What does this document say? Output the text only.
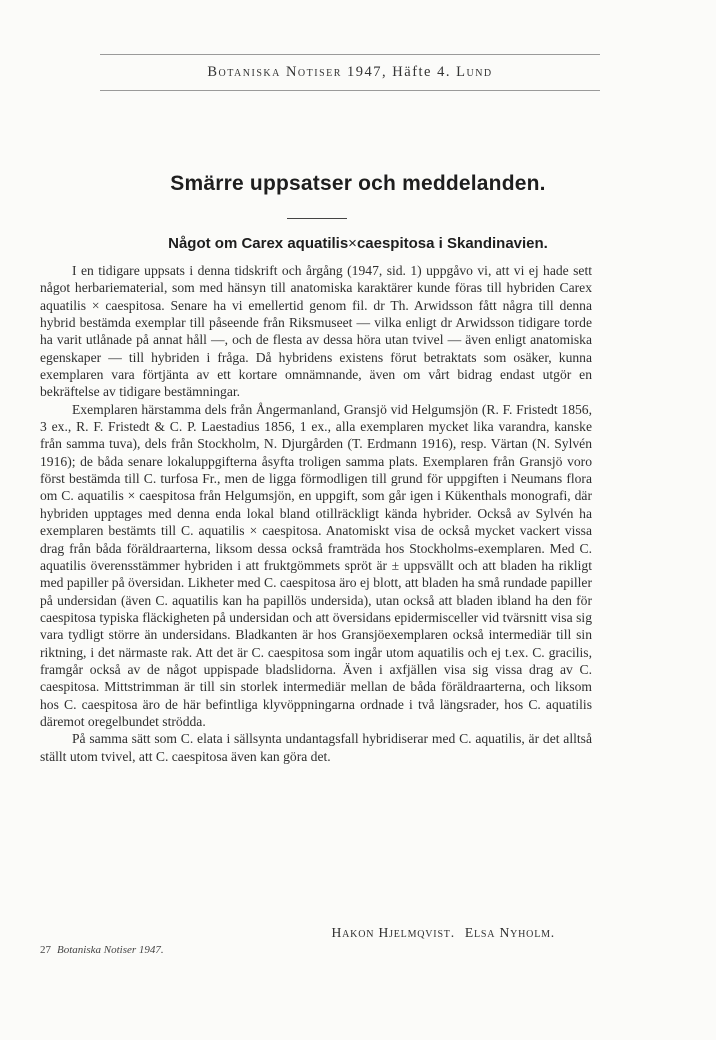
Botaniska Notiser 1947, Häfte 4. Lund
Smärre uppsatser och meddelanden.
Något om Carex aquatilis×caespitosa i Skandinavien.

I en tidigare uppsats i denna tidskrift och årgång (1947, sid. 1) uppgåvo vi, att vi ej hade sett något herbariematerial, som med hänsyn till anatomiska karaktärer kunde föras till hybriden Carex aquatilis × caespitosa. Senare ha vi emellertid genom fil. dr Th. Arwidsson fått några till denna hybrid bestämda exemplar till påseende från Riksmuseet — vilka enligt dr Arwidsson tidigare torde ha varit utlånade på annat håll —, och de flesta av dessa höra utan tvivel — även enligt anatomiska egenskaper — till hybriden i fråga. Då hybridens existens förut betraktats som osäker, kunna exemplaren vara förtjänta av ett kortare omnämnande, även om vårt bidrag endast utgör en bekräftelse av tidigare bestämningar.

Exemplaren härstamma dels från Ångermanland, Gransjö vid Helgumsjön (R. F. Fristedt 1856, 3 ex., R. F. Fristedt & C. P. Laestadius 1856, 1 ex., alla exemplaren mycket lika varandra, kanske från samma tuva), dels från Stockholm, N. Djurgården (T. Erdmann 1916), resp. Värtan (N. Sylvén 1916); de båda senare lokaluppgifterna åsyfta troligen samma plats. Exemplaren från Gransjö voro först bestämda till C. turfosa Fr., men de ligga förmodligen till grund för uppgiften i Neumans flora om C. aquatilis × caespitosa från Helgumsjön, en uppgift, som går igen i Kükenthals monografi, där hybriden upptages med denna enda lokal bland otillräckligt kända hybrider. Också av Sylvén ha exemplaren bestämts till C. aquatilis × caespitosa. Anatomiskt visa de också mycket vackert vissa drag från båda föräldraarterna, liksom dessa också framträda hos Stockholms-exemplaren. Med C. aquatilis överensstämmer hybriden i att fruktgömmets spröt är ± uppsvällt och att bladen ha rikligt med papiller på översidan. Likheter med C. caespitosa äro ej blott, att bladen ha små rundade papiller på undersidan (även C. aquatilis kan ha papillös undersida), utan också att bladen ibland ha den för caespitosa typiska fläckigheten på undersidan och att översidans epidermisceller vid tvärsnitt visa sig vara tydligt större än undersidans. Bladkanten är hos Gransjöexemplaren också intermediär till sin riktning, i det närmaste rak. Att det är C. caespitosa som ingår utom aquatilis och ej t.ex. C. gracilis, framgår också av de något uppispade bladslidorna. Även i axfjällen visa sig vissa drag av C. caespitosa. Mittstrimman är till sin storlek intermediär mellan de båda föräldraarterna, och liksom hos C. caespitosa äro de här befintliga klyvöppningarna ordnade i två längsrader, hos C. aquatilis däremot oregelbundet strödda.

På samma sätt som C. elata i sällsynta undantagsfall hybridiserar med C. aquatilis, är det alltså ställt utom tvivel, att C. caespitosa även kan göra det.

Hakon Hjelmqvist. Elsa Nyholm.
27 Botaniska Notiser 1947.
